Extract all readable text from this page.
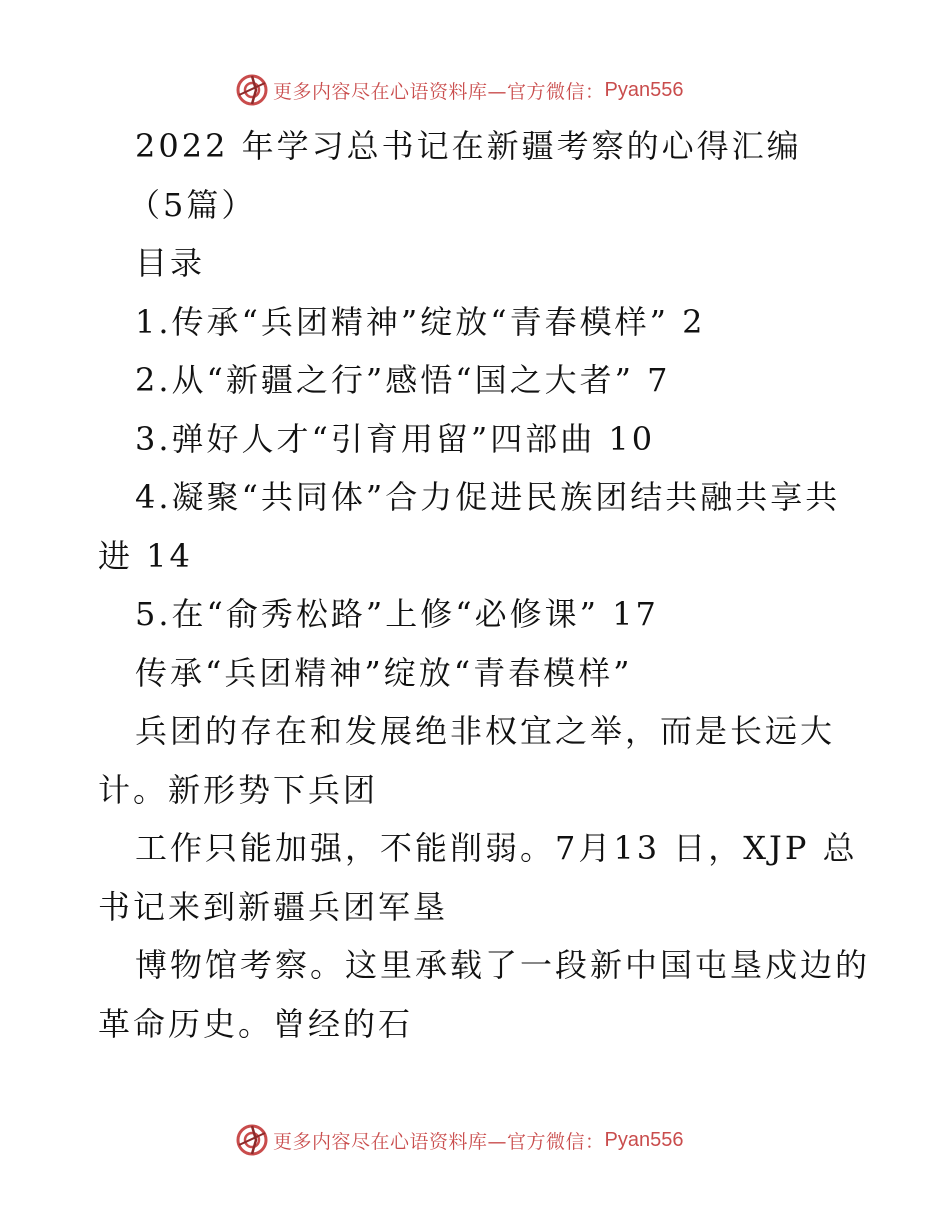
更多内容尽在心语资料库—官方微信： Pyan556
2022 年学习总书记在新疆考察的心得汇编
（5篇）
目录
1.传承“兵团精神”绽放“青春模样” 2
2.从“新疆之行”感悟“国之大者” 7
3.弹好人才“引育用留”四部曲 10
4.凝聚“共同体”合力促进民族团结共融共享共
进 14
5.在“俞秀松路”上修“必修课” 17
传承“兵团精神”绽放“青春模样”
兵团的存在和发展绝非权宜之举，而是长远大
计。新形势下兵团
工作只能加强，不能削弱。7月13 日，XJP 总
书记来到新疆兵团军垦
博物馆考察。这里承载了一段新中国屯垦戍边的
革命历史。曾经的石
更多内容尽在心语资料库—官方微信： Pyan556
